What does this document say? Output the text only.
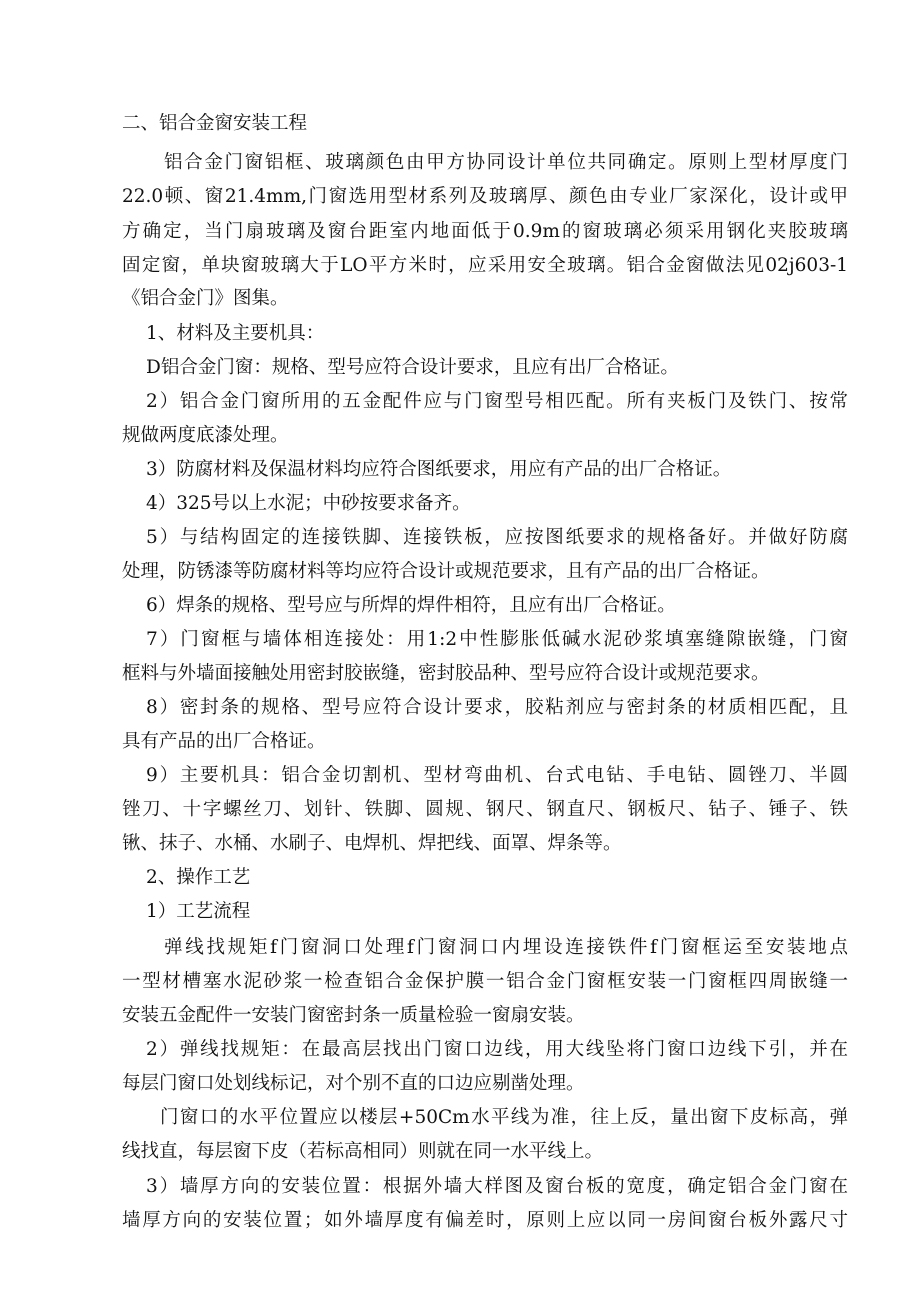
二、铝合金窗安装工程

铝合金门窗铝框、玻璃颜色由甲方协同设计单位共同确定。原则上型材厚度门

22.0顿、窗21.4mm,门窗选用型材系列及玻璃厚、颜色由专业厂家深化，设计或甲

方确定，当门扇玻璃及窗台距室内地面低于0.9m的窗玻璃必须采用钢化夹胶玻璃

固定窗，单块窗玻璃大于LO平方米时，应采用安全玻璃。铝合金窗做法见02j603-1

《铝合金门》图集。

1、材料及主要机具：

D铝合金门窗：规格、型号应符合设计要求，且应有出厂合格证。

2）铝合金门窗所用的五金配件应与门窗型号相匹配。所有夹板门及铁门、按常

规做两度底漆处理。

3）防腐材料及保温材料均应符合图纸要求，用应有产品的出厂合格证。

4）325号以上水泥；中砂按要求备齐。

5）与结构固定的连接铁脚、连接铁板，应按图纸要求的规格备好。并做好防腐

处理，防锈漆等防腐材料等均应符合设计或规范要求，且有产品的出厂合格证。

6）焊条的规格、型号应与所焊的焊件相符，且应有出厂合格证。

7）门窗框与墙体相连接处：用1:2中性膨胀低碱水泥砂浆填塞缝隙嵌缝，门窗

框料与外墙面接触处用密封胶嵌缝，密封胶品种、型号应符合设计或规范要求。

8）密封条的规格、型号应符合设计要求，胶粘剂应与密封条的材质相匹配，且

具有产品的出厂合格证。

9）主要机具：铝合金切割机、型材弯曲机、台式电钻、手电钻、圆锉刀、半圆

锉刀、十字螺丝刀、划针、铁脚、圆规、钢尺、钢直尺、钢板尺、钻子、锤子、铁

锹、抹子、水桶、水刷子、电焊机、焊把线、面罩、焊条等。

2、操作工艺

1）工艺流程

弹线找规矩f门窗洞口处理f门窗洞口内埋设连接铁件f门窗框运至安装地点

一型材槽塞水泥砂浆一检查铝合金保护膜一铝合金门窗框安装一门窗框四周嵌缝一

安装五金配件一安装门窗密封条一质量检验一窗扇安装。

2）弹线找规矩：在最高层找出门窗口边线，用大线坠将门窗口边线下引，并在

每层门窗口处划线标记，对个别不直的口边应剔凿处理。

门窗口的水平位置应以楼层+50Cm水平线为准，往上反，量出窗下皮标高，弹

线找直，每层窗下皮（若标高相同）则就在同一水平线上。

3）墙厚方向的安装位置：根据外墙大样图及窗台板的宽度，确定铝合金门窗在

墙厚方向的安装位置；如外墙厚度有偏差时，原则上应以同一房间窗台板外露尺寸
